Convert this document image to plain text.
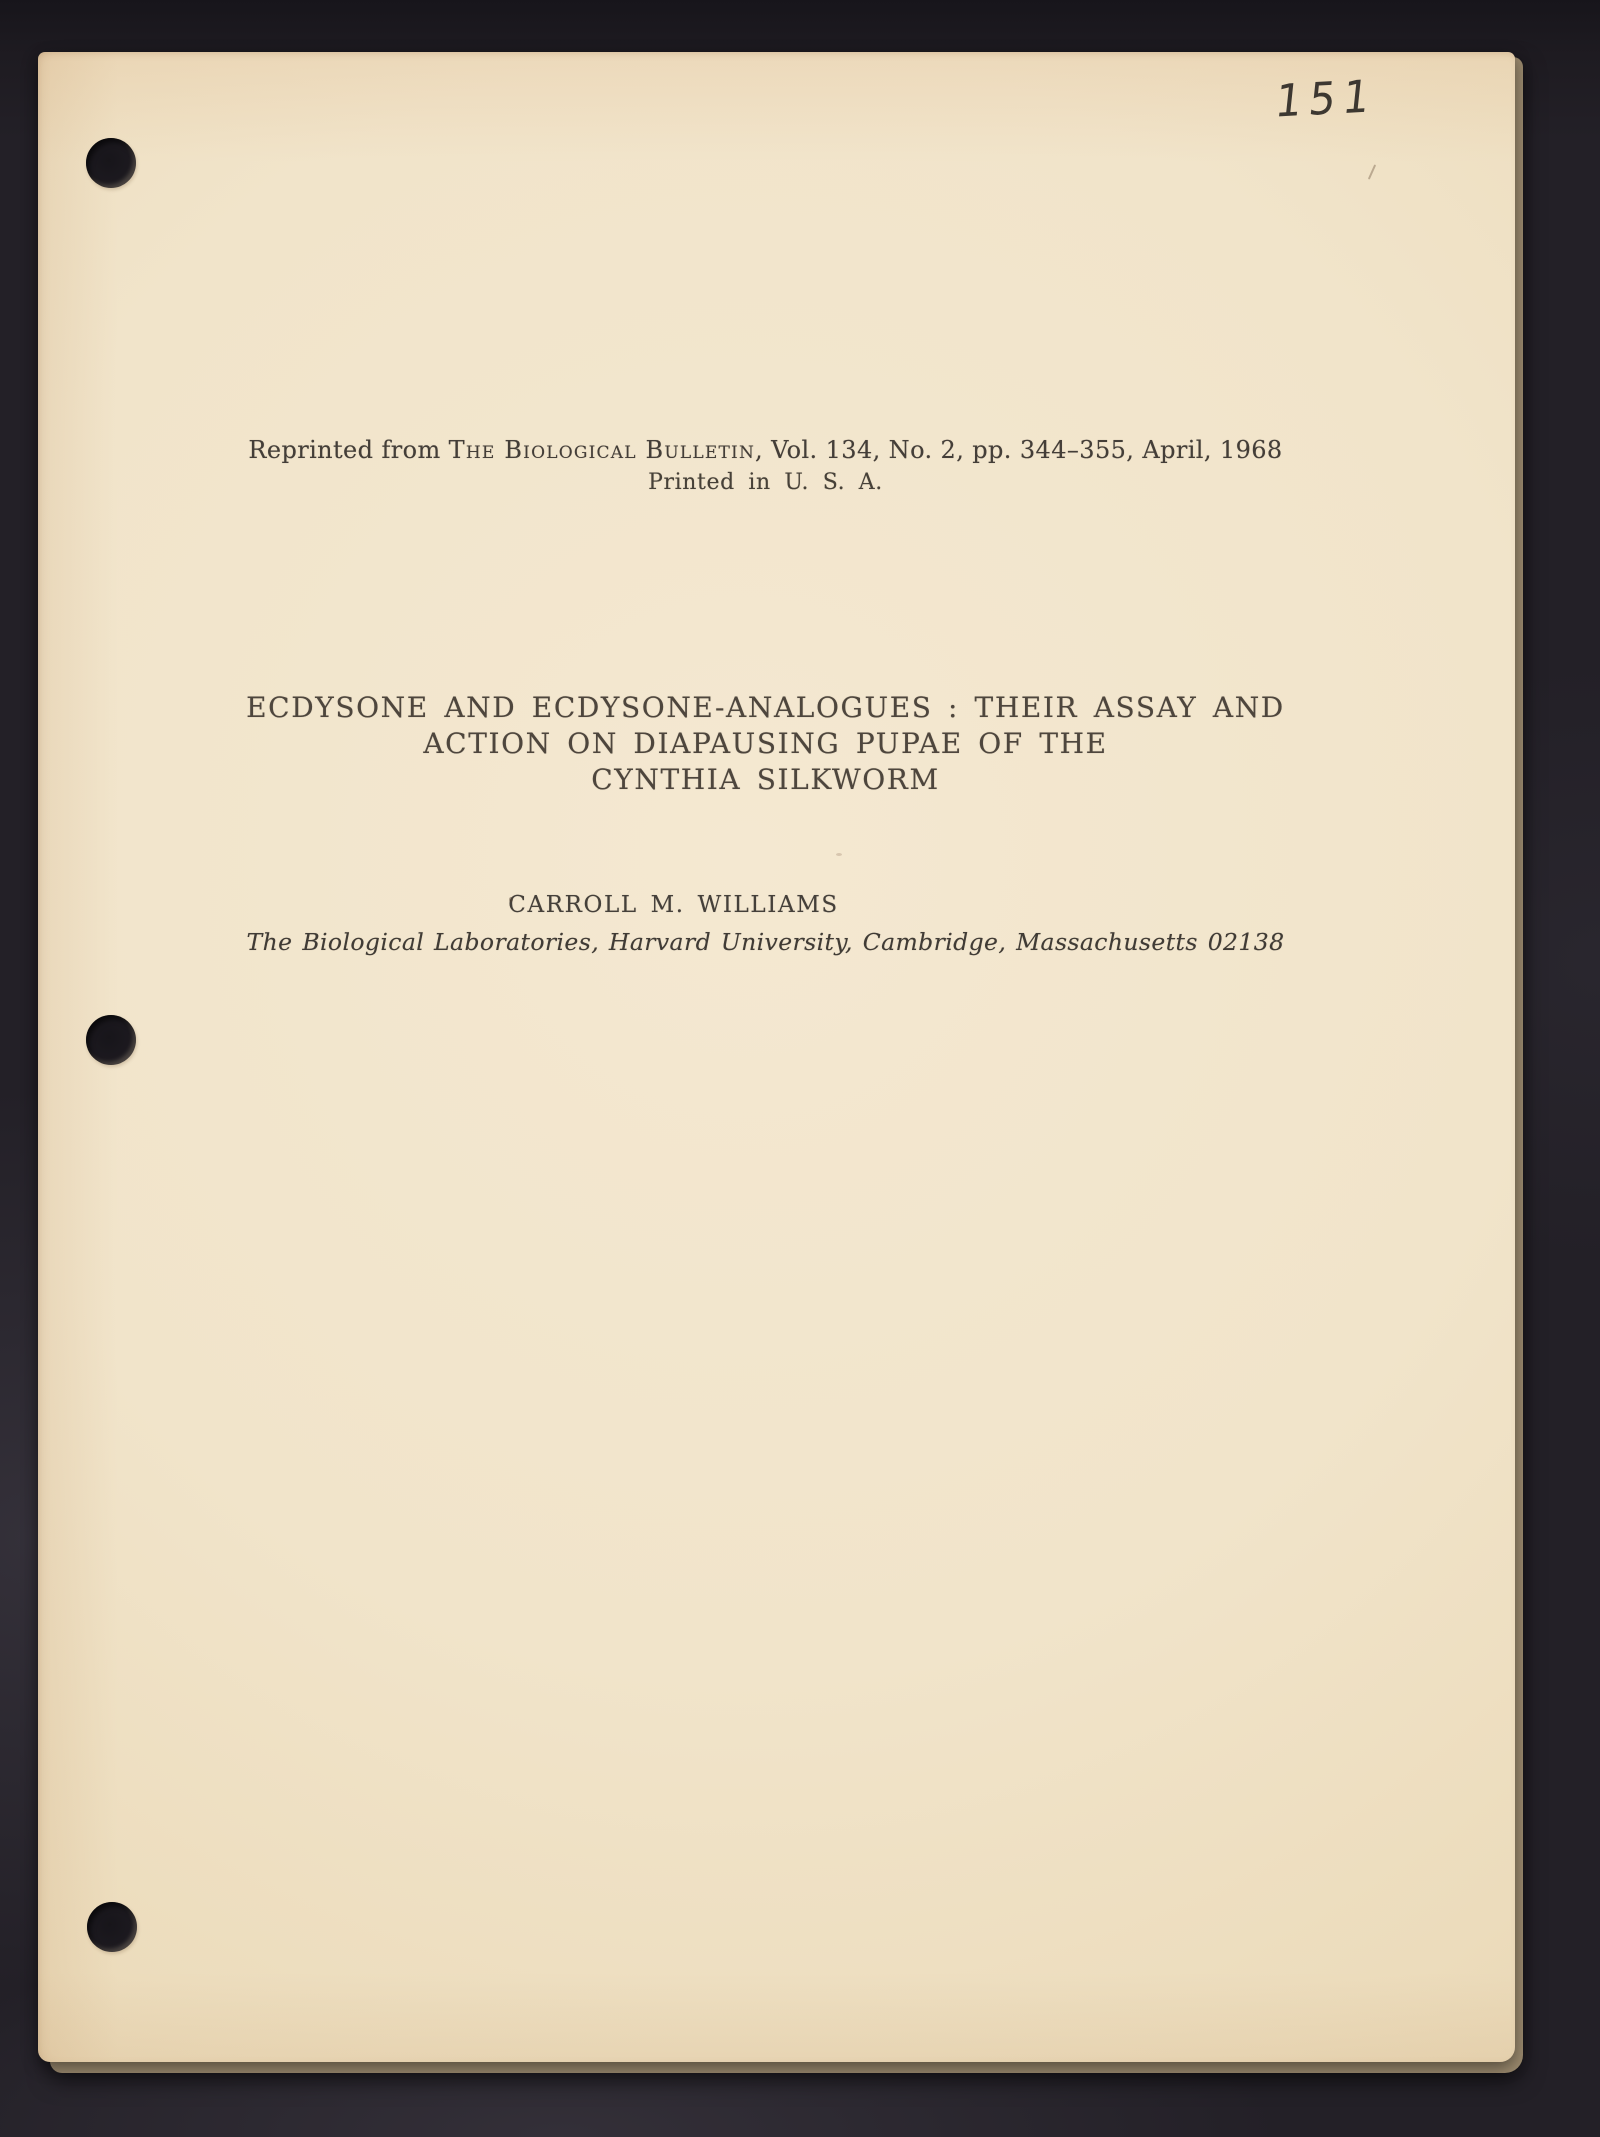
151
Reprinted from The Biological Bulletin, Vol. 134, No. 2, pp. 344–355, April, 1968
Printed in U. S. A.
ECDYSONE AND ECDYSONE-ANALOGUES : THEIR ASSAY AND
ACTION ON DIAPAUSING PUPAE OF THE
CYNTHIA SILKWORM
CARROLL M. WILLIAMS
The Biological Laboratories, Harvard University, Cambridge, Massachusetts 02138
